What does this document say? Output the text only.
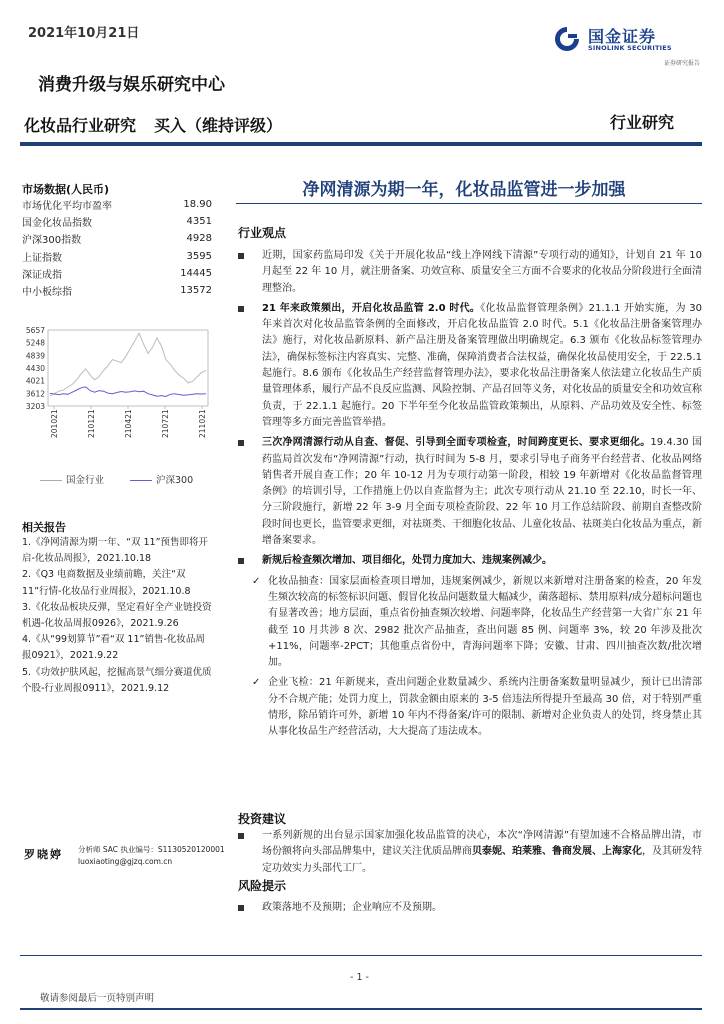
2021年10月21日	国金证券
SINOLINK SECURITIES
证券研究报告
消费升级与娱乐研究中心
化妆品行业研究 买入（维持评级）	行业研究
市场数据(人民币)
市场优化平均市盈率	18.90
国金化妆品指数	4351
沪深300指数	4928
上证指数	3595
深证成指	14445
中小板综指	13572
5657
5248
4839
4430
4021
3612
3203
201021	210121	210421	210721	211021
国金行业	沪深300
相关报告
1.《净网清源为期一年、“双 11”预售即将开启-化妆品周报》，2021.10.18
2.《Q3 电商数据及业绩前瞻，关注“双11”行情-化妆品行业周报》，2021.10.8
3.《化妆品板块反弹，坚定看好全产业链投资机遇-化妆品周报0926》，2021.9.26
4.《从“99划算节”看“双 11”销售-化妆品周报0921》，2021.9.22
5.《功效护肤风起，挖掘高景气细分赛道优质个股-行业周报0911》，2021.9.12
罗晓婷 分析师 SAC 执业编号：S1130520120001
luoxiaoting@gjzq.com.cn
净网清源为期一年，化妆品监管进一步加强
行业观点
近期，国家药监局印发《关于开展化妆品“线上净网线下清源”专项行动的通知》，计划自 21 年 10 月起至 22 年 10 月，就注册备案、功效宣称、质量安全三方面不合要求的化妆品分阶段进行全面清理整治。
21 年来政策频出，开启化妆品监管 2.0 时代。《化妆品监督管理条例》21.1.1 开始实施，为 30 年来首次对化妆品监管条例的全面修改，开启化妆品监管 2.0 时代。5.1《化妆品注册备案管理办法》施行，对化妆品新原料、新产品注册及备案管理做出明确规定。6.3 颁布《化妆品标签管理办法》，确保标签标注内容真实、完整、准确，保障消费者合法权益，确保化妆品使用安全，于 22.5.1 起施行。8.6 颁布《化妆品生产经营监督管理办法》，要求化妆品注册备案人依法建立化妆品生产质量管理体系，履行产品不良反应监测、风险控制、产品召回等义务，对化妆品的质量安全和功效宣称负责，于 22.1.1 起施行。20 下半年至今化妆品监管政策频出，从原料、产品功效及安全性、标签管理等多方面完善监管举措。
三次净网清源行动从自查、督促、引导到全面专项检查，时间跨度更长、要求更细化。19.4.30 国药监局首次发布“净网清源”行动，执行时间为 5-8 月，要求引导电子商务平台经营者、化妆品网络销售者开展自查工作；20 年 10-12 月为专项行动第一阶段，相较 19 年新增对《化妆品监督管理条例》的培训引导，工作措施上仍以自查监督为主；此次专项行动从 21.10 至 22.10，时长一年、分三阶段施行，新增 22 年 3-9 月全面专项检查阶段、22 年 10 月工作总结阶段、前期自查整改阶段时间也更长，监管要求更细，对祛斑类、干细胞化妆品、儿童化妆品、祛斑美白化妆品为重点，新增备案要求。
新规后检查频次增加、项目细化，处罚力度加大、违规案例减少。
✓ 化妆品抽查：国家层面检查项目增加，违规案例减少，新规以来新增对注册备案的检查，20 年发生频次较高的标签标识问题、假冒化妆品问题数量大幅减少，菌落超标、禁用原料/成分超标问题也有显著改善；地方层面，重点省份抽查频次较增、问题率降，化妆品生产经营第一大省广东 21 年截至 10 月共涉 8 次、2982 批次产品抽查，查出问题 85 例、问题率 3%，较 20 年涉及批次+11%，问题率-2PCT；其他重点省份中，青海问题率下降；安徽、甘肃、四川抽查次数/批次增加。
✓ 企业飞检：21 年新规来，查出问题企业数量减少、系统内注册备案数量明显减少，预计已出清部分不合规产能；处罚力度上，罚款金额由原来的 3-5 倍违法所得提升至最高 30 倍，对于特别严重情形，除吊销许可外，新增 10 年内不得备案/许可的限制、新增对企业负责人的处罚，终身禁止其从事化妆品生产经营活动，大大提高了违法成本。
投资建议
一系列新规的出台显示国家加强化妆品监管的决心，本次“净网清源”有望加速不合格品牌出清，市场份额将向头部品牌集中，建议关注优质品牌商贝泰妮、珀莱雅、鲁商发展、上海家化，及其研发特定功效实力头部代工厂。
风险提示
政策落地不及预期；企业响应不及预期。
- 1 -
敬请参阅最后一页特别声明
